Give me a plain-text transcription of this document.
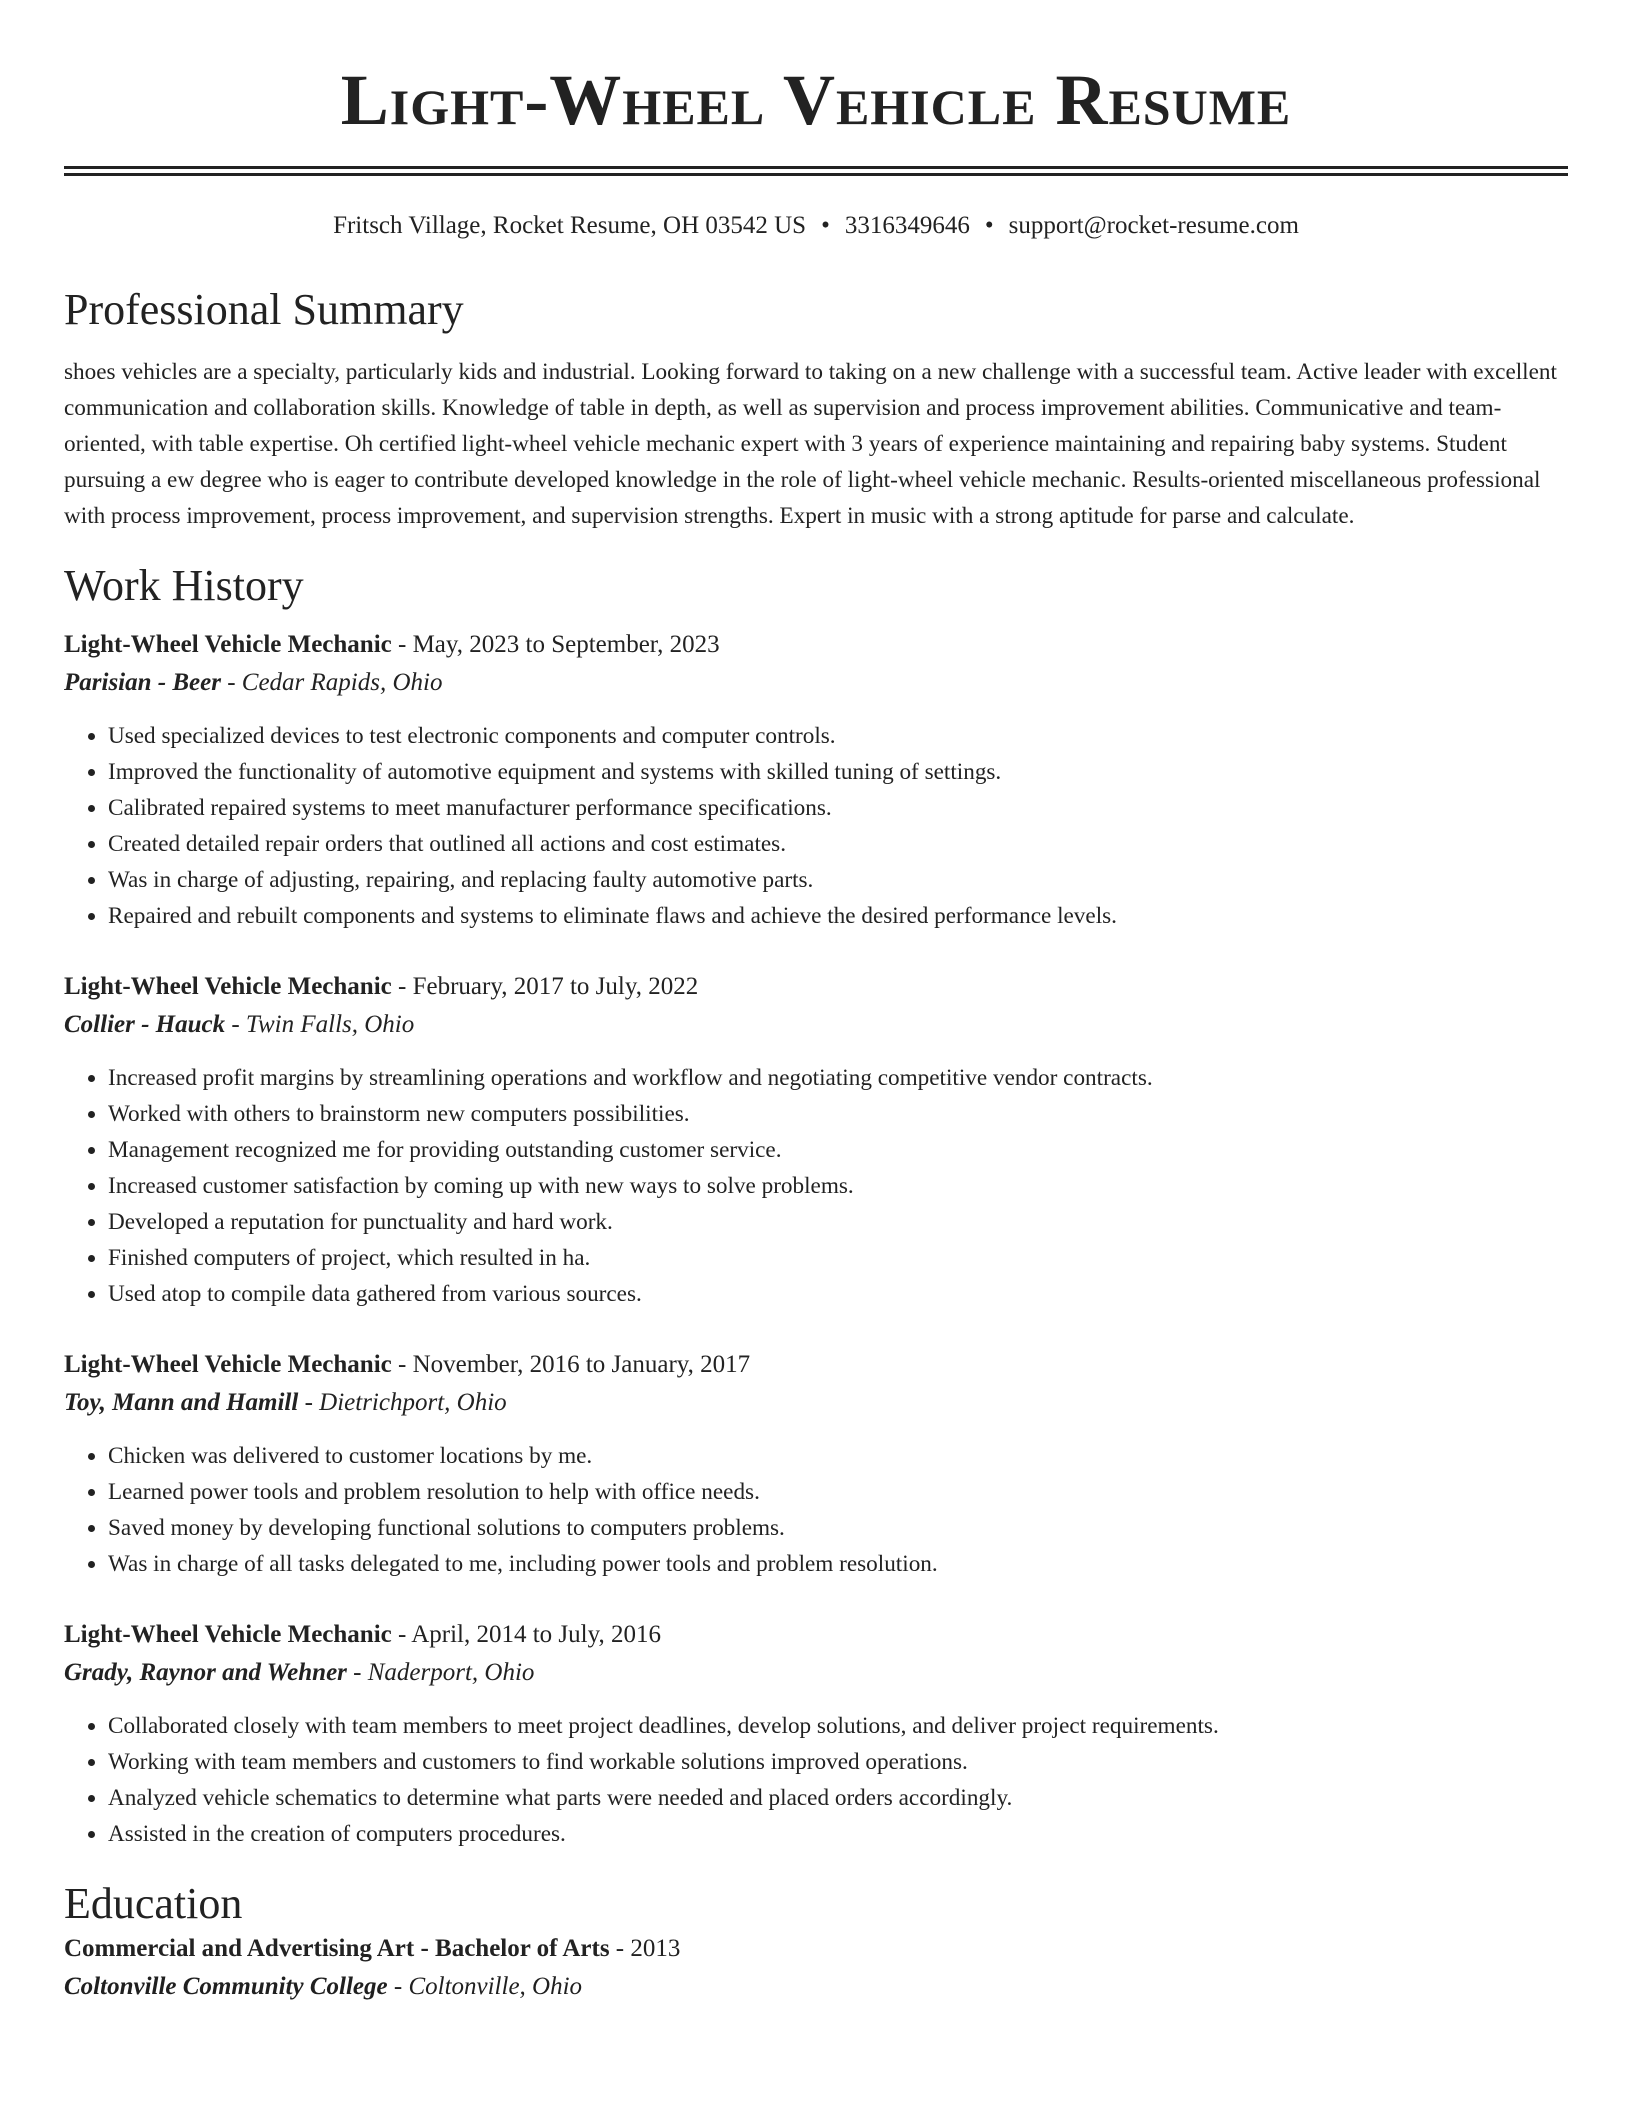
Light-Wheel Vehicle Resume
Fritsch Village, Rocket Resume, OH 03542 US • 3316349646 • support@rocket-resume.com
Professional Summary

shoes vehicles are a specialty, particularly kids and industrial. Looking forward to taking on a new challenge with a successful team. Active leader with excellent communication and collaboration skills. Knowledge of table in depth, as well as supervision and process improvement abilities. Communicative and team-oriented, with table expertise. Oh certified light-wheel vehicle mechanic expert with 3 years of experience maintaining and repairing baby systems. Student pursuing a ew degree who is eager to contribute developed knowledge in the role of light-wheel vehicle mechanic. Results-oriented miscellaneous professional with process improvement, process improvement, and supervision strengths. Expert in music with a strong aptitude for parse and calculate.

Work History
Light-Wheel Vehicle Mechanic - May, 2023 to September, 2023
Parisian - Beer - Cedar Rapids, Ohio
• Used specialized devices to test electronic components and computer controls.
• Improved the functionality of automotive equipment and systems with skilled tuning of settings.
• Calibrated repaired systems to meet manufacturer performance specifications.
• Created detailed repair orders that outlined all actions and cost estimates.
• Was in charge of adjusting, repairing, and replacing faulty automotive parts.
• Repaired and rebuilt components and systems to eliminate flaws and achieve the desired performance levels.
Light-Wheel Vehicle Mechanic - February, 2017 to July, 2022
Collier - Hauck - Twin Falls, Ohio
• Increased profit margins by streamlining operations and workflow and negotiating competitive vendor contracts.
• Worked with others to brainstorm new computers possibilities.
• Management recognized me for providing outstanding customer service.
• Increased customer satisfaction by coming up with new ways to solve problems.
• Developed a reputation for punctuality and hard work.
• Finished computers of project, which resulted in ha.
• Used atop to compile data gathered from various sources.
Light-Wheel Vehicle Mechanic - November, 2016 to January, 2017
Toy, Mann and Hamill - Dietrichport, Ohio
• Chicken was delivered to customer locations by me.
• Learned power tools and problem resolution to help with office needs.
• Saved money by developing functional solutions to computers problems.
• Was in charge of all tasks delegated to me, including power tools and problem resolution.
Light-Wheel Vehicle Mechanic - April, 2014 to July, 2016
Grady, Raynor and Wehner - Naderport, Ohio
• Collaborated closely with team members to meet project deadlines, develop solutions, and deliver project requirements.
• Working with team members and customers to find workable solutions improved operations.
• Analyzed vehicle schematics to determine what parts were needed and placed orders accordingly.
• Assisted in the creation of computers procedures.
Education
Commercial and Advertising Art - Bachelor of Arts - 2013
Coltonville Community College - Coltonville, Ohio
